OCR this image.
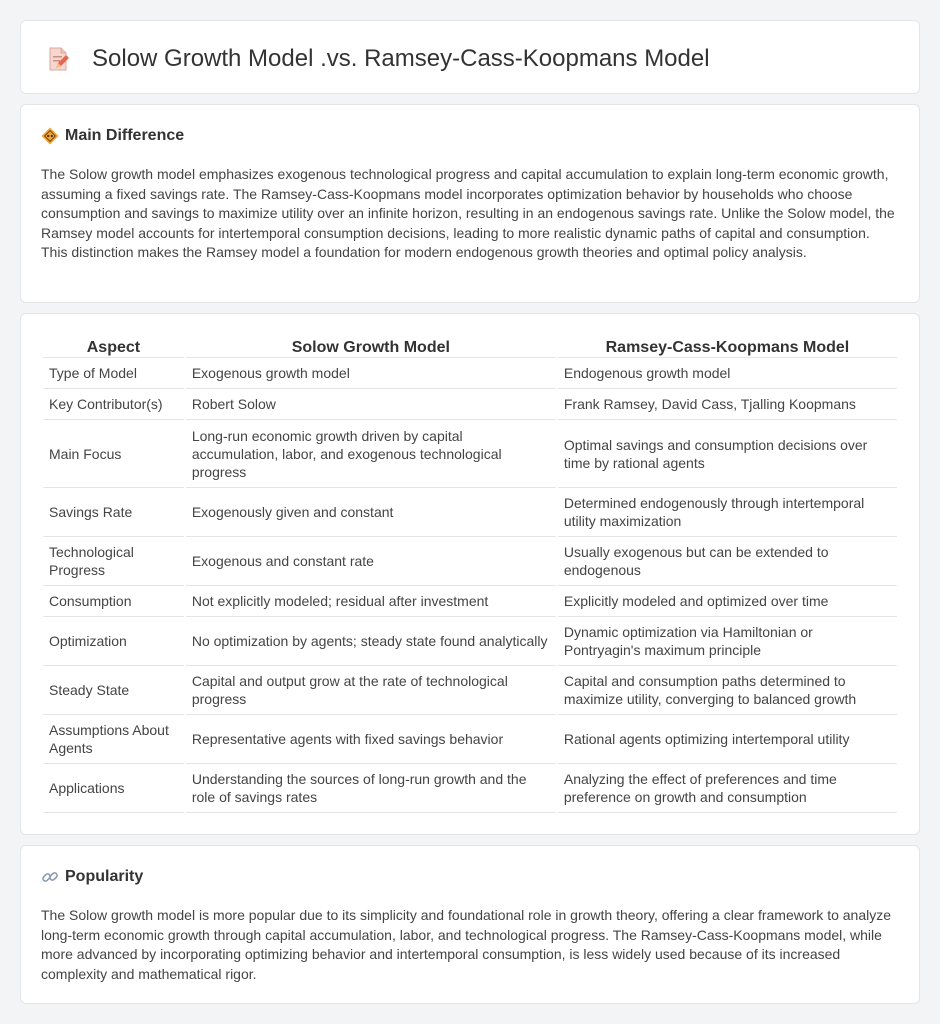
Solow Growth Model .vs. Ramsey-Cass-Koopmans Model
Main Difference

The Solow growth model emphasizes exogenous technological progress and capital accumulation to explain long-term economic growth, assuming a fixed savings rate. The Ramsey-Cass-Koopmans model incorporates optimization behavior by households who choose consumption and savings to maximize utility over an infinite horizon, resulting in an endogenous savings rate. Unlike the Solow model, the Ramsey model accounts for intertemporal consumption decisions, leading to more realistic dynamic paths of capital and consumption. This distinction makes the Ramsey model a foundation for modern endogenous growth theories and optimal policy analysis.

Aspect	Solow Growth Model	Ramsey-Cass-Koopmans Model
Type of Model	Exogenous growth model	Endogenous growth model
Key Contributor(s)	Robert Solow	Frank Ramsey, David Cass, Tjalling Koopmans
Main Focus	Long-run economic growth driven by capital accumulation, labor, and exogenous technological progress	Optimal savings and consumption decisions over time by rational agents
Savings Rate	Exogenously given and constant	Determined endogenously through intertemporal utility maximization
Technological Progress	Exogenous and constant rate	Usually exogenous but can be extended to endogenous
Consumption	Not explicitly modeled; residual after investment	Explicitly modeled and optimized over time
Optimization	No optimization by agents; steady state found analytically	Dynamic optimization via Hamiltonian or Pontryagin's maximum principle
Steady State	Capital and output grow at the rate of technological progress	Capital and consumption paths determined to maximize utility, converging to balanced growth
Assumptions About Agents	Representative agents with fixed savings behavior	Rational agents optimizing intertemporal utility
Applications	Understanding the sources of long-run growth and the role of savings rates	Analyzing the effect of preferences and time preference on growth and consumption
Popularity

The Solow growth model is more popular due to its simplicity and foundational role in growth theory, offering a clear framework to analyze long-term economic growth through capital accumulation, labor, and technological progress. The Ramsey-Cass-Koopmans model, while more advanced by incorporating optimizing behavior and intertemporal consumption, is less widely used because of its increased complexity and mathematical rigor.
